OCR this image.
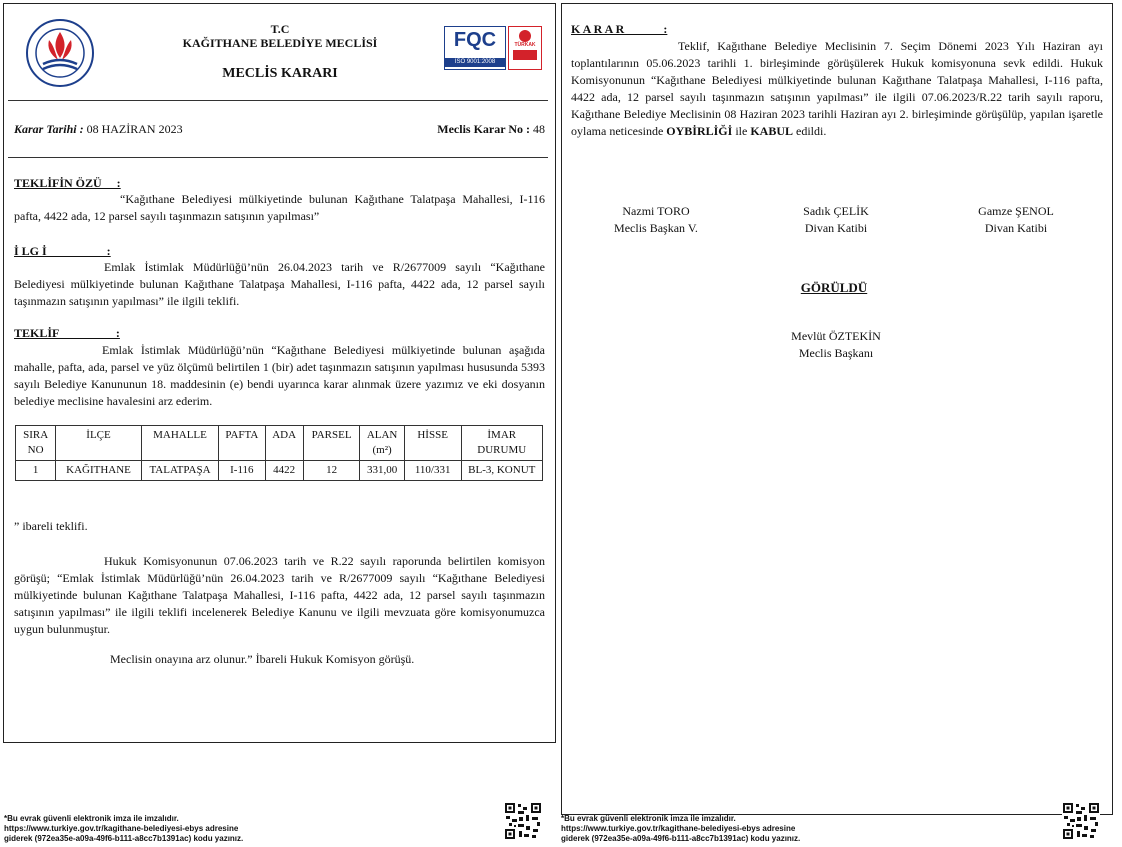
T.C
KAĞITHANE BELEDİYE MECLİSİ
MECLİS KARARI
FQC
ISO 9001:2008
TÜRKAK
Karar Tarihi : 08 HAZİRAN 2023	Meclis Karar No : 48
TEKLİFİN ÖZÜ     :
“Kağıthane Belediyesi mülkiyetinde bulunan Kağıthane Talatpaşa Mahallesi, I-116 pafta, 4422 ada, 12 parsel sayılı taşınmazın satışının yapılması”
İ LG İ                    :
Emlak İstimlak Müdürlüğü’nün 26.04.2023 tarih ve R/2677009 sayılı “Kağıthane Belediyesi mülkiyetinde bulunan Kağıthane Talatpaşa Mahallesi, I-116 pafta, 4422 ada, 12 parsel sayılı taşınmazın satışının yapılması” ile ilgili teklifi.
TEKLİF                   :
Emlak İstimlak Müdürlüğü’nün “Kağıthane Belediyesi mülkiyetinde bulunan aşağıda mahalle, pafta, ada, parsel ve yüz ölçümü belirtilen 1 (bir) adet taşınmazın satışının yapılması hususunda 5393 sayılı Belediye Kanununun 18. maddesinin (e) bendi uyarınca karar alınmak üzere yazımız ve eki dosyanın belediye meclisine havalesini arz ederim.
SIRA NO	İLÇE	MAHALLE	PAFTA	ADA	PARSEL	ALAN (m²)	HİSSE	İMAR DURUMU
1	KAĞITHANE	TALATPAŞA	I-116	4422	12	331,00	110/331	BL-3, KONUT
” ibareli teklifi.
Hukuk Komisyonunun 07.06.2023 tarih ve R.22 sayılı raporunda belirtilen komisyon görüşü; “Emlak İstimlak Müdürlüğü’nün 26.04.2023 tarih ve R/2677009 sayılı “Kağıthane Belediyesi mülkiyetinde bulunan Kağıthane Talatpaşa Mahallesi, I-116 pafta, 4422 ada, 12 parsel sayılı taşınmazın satışının yapılması” ile ilgili teklifi incelenerek Belediye Kanunu ve ilgili mevzuata göre komisyonumuzca uygun bulunmuştur.
Meclisin onayına arz olunur.” İbareli Hukuk Komisyon görüşü.
K A R A R             :
Teklif, Kağıthane Belediye Meclisinin 7. Seçim Dönemi 2023 Yılı Haziran ayı toplantılarının 05.06.2023 tarihli 1. birleşiminde görüşülerek Hukuk komisyonuna sevk edildi. Hukuk Komisyonunun “Kağıthane Belediyesi mülkiyetinde bulunan Kağıthane Talatpaşa Mahallesi, I-116 pafta, 4422 ada, 12 parsel sayılı taşınmazın satışının yapılması” ile ilgili 07.06.2023/R.22 tarih sayılı raporu, Kağıthane Belediye Meclisinin 08 Haziran 2023 tarihli Haziran ayı 2. birleşiminde görüşülüp, yapılan işaretle oylama neticesinde OYBİRLİĞİ ile KABUL edildi.
Nazmi TORO
Meclis Başkan V.
Sadık ÇELİK
Divan Katibi
Gamze ŞENOL
Divan Katibi
GÖRÜLDÜ
Mevlüt ÖZTEKİN
Meclis Başkanı
*Bu evrak güvenli elektronik imza ile imzalıdır.
https://www.turkiye.gov.tr/kagithane-belediyesi-ebys adresine
giderek (972ea35e-a09a-49f6-b111-a8cc7b1391ac) kodu yazınız.
*Bu evrak güvenli elektronik imza ile imzalıdır.
https://www.turkiye.gov.tr/kagithane-belediyesi-ebys adresine
giderek (972ea35e-a09a-49f6-b111-a8cc7b1391ac) kodu yazınız.
